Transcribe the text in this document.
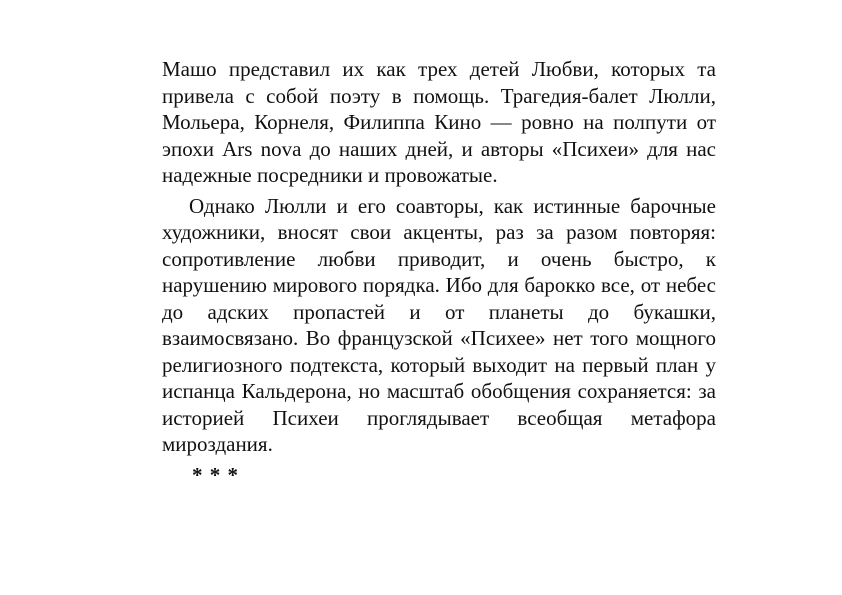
Машо представил их как трех детей Любви, которых та привела с собой поэту в помощь. Трагедия-балет Люлли, Мольера, Корнеля, Филиппа Кино — ровно на полпути от эпохи Ars nova до наших дней, и авторы «Психеи» для нас надежные посредники и провожатые.

Однако Люлли и его соавторы, как истинные барочные художники, вносят свои акценты, раз за разом повторяя: сопротивление любви приводит, и очень быстро, к нарушению мирового порядка. Ибо для барокко все, от небес до адских пропастей и от планеты до букашки, взаимосвязано. Во французской «Психее» нет того мощного религиозного подтекста, который выходит на первый план у испанца Кальдерона, но масштаб обобщения сохраняется: за историей Психеи проглядывает всеобщая метафора мироздания.

* * *
